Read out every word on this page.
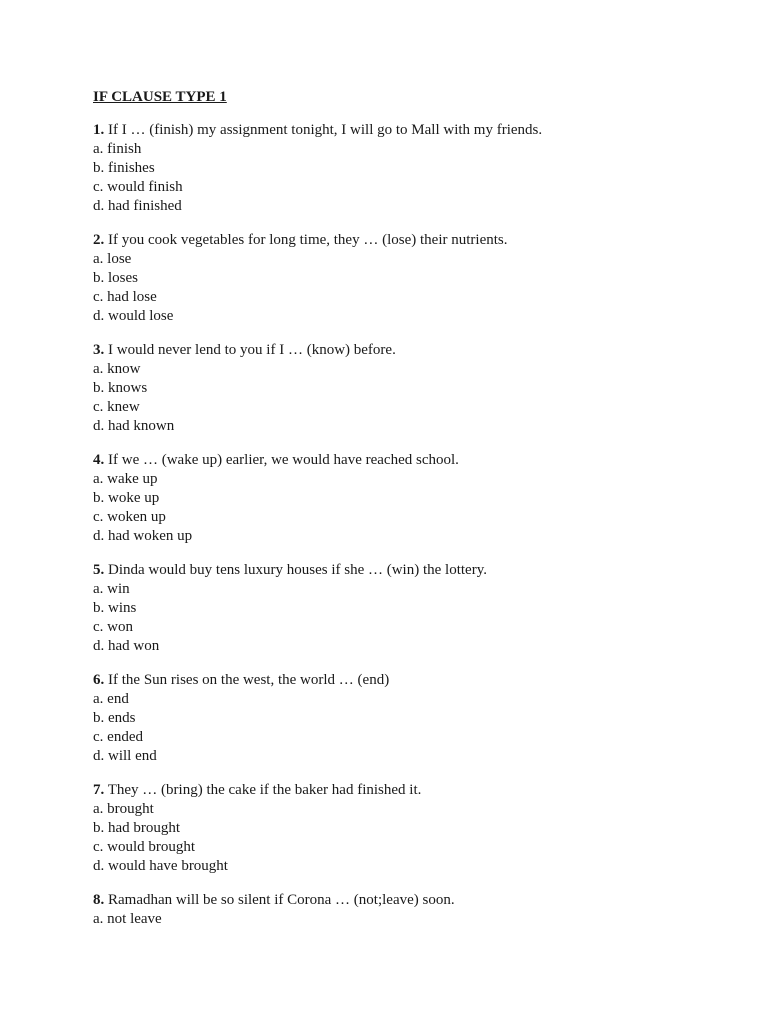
IF CLAUSE TYPE 1

1. If I … (finish) my assignment tonight, I will go to Mall with my friends.

a. finish
b. finishes
c. would finish
d. had finished

2. If you cook vegetables for long time, they … (lose) their nutrients.

a. lose
b. loses
c. had lose
d. would lose

3. I would never lend to you if I … (know) before.

a. know
b. knows
c. knew
d. had known

4. If we … (wake up) earlier, we would have reached school.

a. wake up
b. woke up
c. woken up
d. had woken up

5. Dinda would buy tens luxury houses if she … (win) the lottery.

a. win
b. wins
c. won
d. had won

6. If the Sun rises on the west, the world … (end)

a. end
b. ends
c. ended
d. will end

7. They … (bring) the cake if the baker had finished it.

a. brought
b. had brought
c. would brought
d. would have brought

8. Ramadhan will be so silent if Corona … (not;leave) soon.

a. not leave
